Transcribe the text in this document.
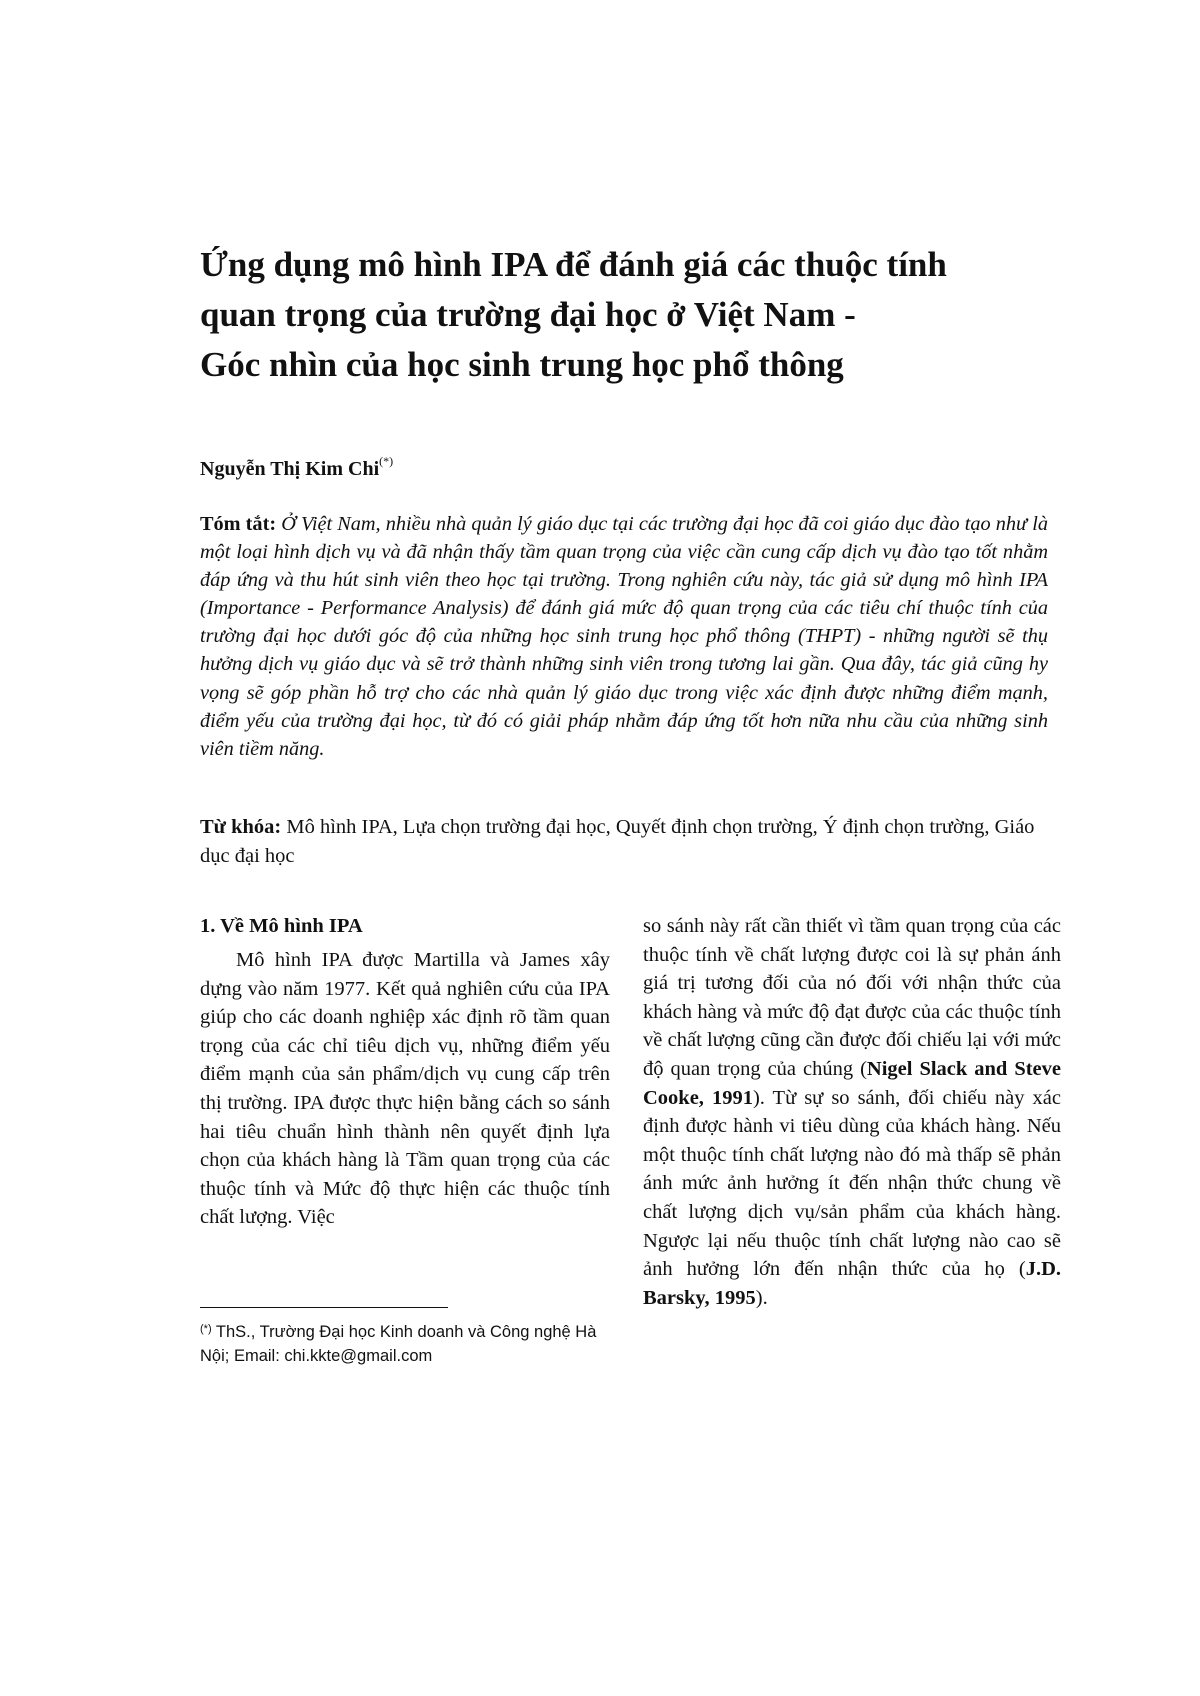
Ứng dụng mô hình IPA để đánh giá các thuộc tính
quan trọng của trường đại học ở Việt Nam -
Góc nhìn của học sinh trung học phổ thông

Nguyễn Thị Kim Chi(*)

Tóm tắt: Ở Việt Nam, nhiều nhà quản lý giáo dục tại các trường đại học đã coi giáo dục đào tạo như là một loại hình dịch vụ và đã nhận thấy tầm quan trọng của việc cần cung cấp dịch vụ đào tạo tốt nhằm đáp ứng và thu hút sinh viên theo học tại trường. Trong nghiên cứu này, tác giả sử dụng mô hình IPA (Importance - Performance Analysis) để đánh giá mức độ quan trọng của các tiêu chí thuộc tính của trường đại học dưới góc độ của những học sinh trung học phổ thông (THPT) - những người sẽ thụ hưởng dịch vụ giáo dục và sẽ trở thành những sinh viên trong tương lai gần. Qua đây, tác giả cũng hy vọng sẽ góp phần hỗ trợ cho các nhà quản lý giáo dục trong việc xác định được những điểm mạnh, điểm yếu của trường đại học, từ đó có giải pháp nhằm đáp ứng tốt hơn nữa nhu cầu của những sinh viên tiềm năng.

Từ khóa: Mô hình IPA, Lựa chọn trường đại học, Quyết định chọn trường, Ý định chọn trường, Giáo dục đại học

1. Về Mô hình IPA

Mô hình IPA được Martilla và James xây dựng vào năm 1977. Kết quả nghiên cứu của IPA giúp cho các doanh nghiệp xác định rõ tầm quan trọng của các chỉ tiêu dịch vụ, những điểm yếu điểm mạnh của sản phẩm/dịch vụ cung cấp trên thị trường. IPA được thực hiện bằng cách so sánh hai tiêu chuẩn hình thành nên quyết định lựa chọn của khách hàng là Tầm quan trọng của các thuộc tính và Mức độ thực hiện các thuộc tính chất lượng. Việc

so sánh này rất cần thiết vì tầm quan trọng của các thuộc tính về chất lượng được coi là sự phản ánh giá trị tương đối của nó đối với nhận thức của khách hàng và mức độ đạt được của các thuộc tính về chất lượng cũng cần được đối chiếu lại với mức độ quan trọng của chúng (Nigel Slack and Steve Cooke, 1991). Từ sự so sánh, đối chiếu này xác định được hành vi tiêu dùng của khách hàng. Nếu một thuộc tính chất lượng nào đó mà thấp sẽ phản ánh mức ảnh hưởng ít đến nhận thức chung về chất lượng dịch vụ/sản phẩm của khách hàng. Ngược lại nếu thuộc tính chất lượng nào cao sẽ ảnh hưởng lớn đến nhận thức của họ (J.D. Barsky, 1995).

(*) ThS., Trường Đại học Kinh doanh và Công nghệ Hà Nội; Email: chi.kkte@gmail.com
